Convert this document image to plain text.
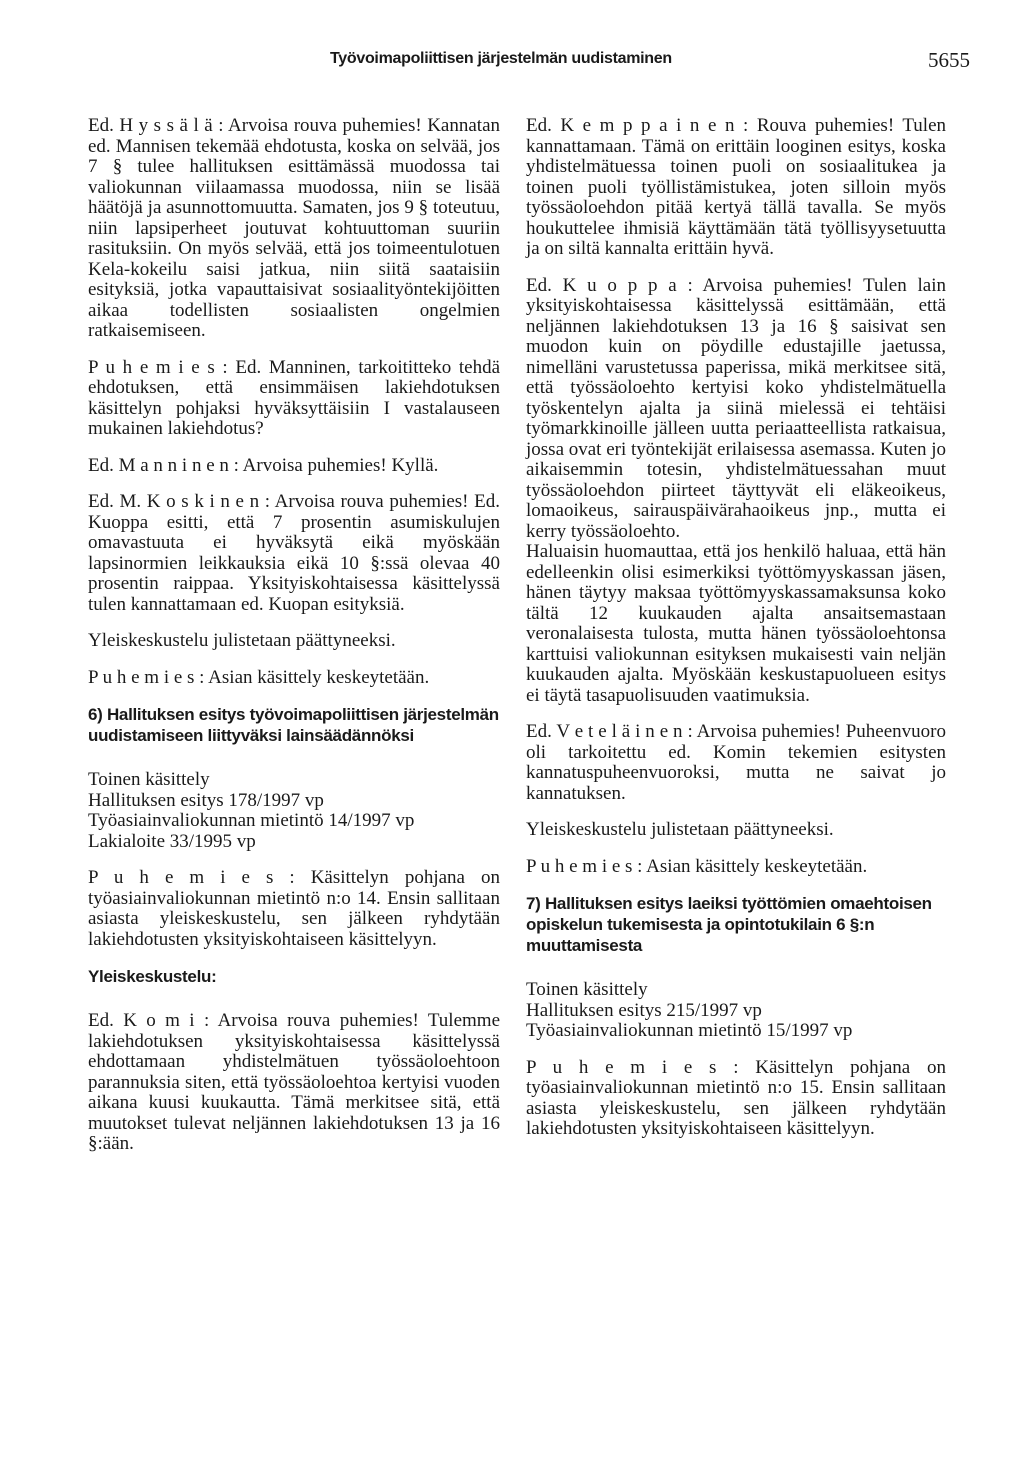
Työvoimapoliittisen järjestelmän uudistaminen	5655

Ed. H y s s ä l ä : Arvoisa rouva puhemies! Kannatan ed. Mannisen tekemää ehdotusta, koska on selvää, jos 7 § tulee hallituksen esittämässä muodossa tai valiokunnan viilaamassa muodossa, niin se lisää häätöjä ja asunnottomuutta. Samaten, jos 9 § toteutuu, niin lapsiperheet joutuvat kohtuuttoman suuriin rasituksiin. On myös selvää, että jos toimeentulotuen Kela-kokeilu saisi jatkua, niin siitä saataisiin esityksiä, jotka vapauttaisivat sosiaalityöntekijöitten aikaa todellisten sosiaalisten ongelmien ratkaisemiseen.

P u h e m i e s : Ed. Manninen, tarkoititteko tehdä ehdotuksen, että ensimmäisen lakiehdotuksen käsittelyn pohjaksi hyväksyttäisiin I vastalauseen mukainen lakiehdotus?

Ed. M a n n i n e n : Arvoisa puhemies! Kyllä.

Ed. M. K o s k i n e n : Arvoisa rouva puhemies! Ed. Kuoppa esitti, että 7 prosentin asumiskulujen omavastuuta ei hyväksytä eikä myöskään lapsinormien leikkauksia eikä 10 §:ssä olevaa 40 prosentin raippaa. Yksityiskohtaisessa käsittelyssä tulen kannattamaan ed. Kuopan esityksiä.

Yleiskeskustelu julistetaan päättyneeksi.

P u h e m i e s : Asian käsittely keskeytetään.

6) Hallituksen esitys työvoimapoliittisen järjestelmän uudistamiseen liittyväksi lainsäädännöksi

Toinen käsittely

Hallituksen esitys 178/1997 vp

Työasiainvaliokunnan mietintö 14/1997 vp

Lakialoite 33/1995 vp

P u h e m i e s : Käsittelyn pohjana on työasiainvaliokunnan mietintö n:o 14. Ensin sallitaan asiasta yleiskeskustelu, sen jälkeen ryhdytään lakiehdotusten yksityiskohtaiseen käsittelyyn.

Yleiskeskustelu:

Ed. K o m i : Arvoisa rouva puhemies! Tulemme lakiehdotuksen yksityiskohtaisessa käsittelyssä ehdottamaan yhdistelmätuen työssäoloehtoon parannuksia siten, että työssäoloehtoa kertyisi vuoden aikana kuusi kuukautta. Tämä merkitsee sitä, että muutokset tulevat neljännen lakiehdotuksen 13 ja 16 §:ään.

Ed. K e m p p a i n e n : Rouva puhemies! Tulen kannattamaan. Tämä on erittäin looginen esitys, koska yhdistelmätuessa toinen puoli on sosiaalitukea ja toinen puoli työllistämistukea, joten silloin myös työssäoloehdon pitää kertyä tällä tavalla. Se myös houkuttelee ihmisiä käyttämään tätä työllisyysetuutta ja on siltä kannalta erittäin hyvä.

Ed. K u o p p a : Arvoisa puhemies! Tulen lain yksityiskohtaisessa käsittelyssä esittämään, että neljännen lakiehdotuksen 13 ja 16 § saisivat sen muodon kuin on pöydille edustajille jaetussa, nimelläni varustetussa paperissa, mikä merkitsee sitä, että työssäoloehto kertyisi koko yhdistelmätuella työskentelyn ajalta ja siinä mielessä ei tehtäisi työmarkkinoille jälleen uutta periaatteellista ratkaisua, jossa ovat eri työntekijät erilaisessa asemassa. Kuten jo aikaisemmin totesin, yhdistelmätuessahan muut työssäoloehdon piirteet täyttyvät eli eläkeoikeus, lomaoikeus, sairauspäivärahaoikeus jnp., mutta ei kerry työssäoloehto.

Haluaisin huomauttaa, että jos henkilö haluaa, että hän edelleenkin olisi esimerkiksi työttömyyskassan jäsen, hänen täytyy maksaa työttömyyskassamaksunsa koko tältä 12 kuukauden ajalta ansaitsemastaan veronalaisesta tulosta, mutta hänen työssäoloehtonsa karttuisi valiokunnan esityksen mukaisesti vain neljän kuukauden ajalta. Myöskään keskustapuolueen esitys ei täytä tasapuolisuuden vaatimuksia.

Ed. V e t e l ä i n e n : Arvoisa puhemies! Puheenvuoro oli tarkoitettu ed. Komin tekemien esitysten kannatuspuheenvuoroksi, mutta ne saivat jo kannatuksen.

Yleiskeskustelu julistetaan päättyneeksi.

P u h e m i e s : Asian käsittely keskeytetään.

7) Hallituksen esitys laeiksi työttömien omaehtoisen opiskelun tukemisesta ja opintotukilain 6 §:n muuttamisesta

Toinen käsittely

Hallituksen esitys 215/1997 vp

Työasiainvaliokunnan mietintö 15/1997 vp

P u h e m i e s : Käsittelyn pohjana on työasiainvaliokunnan mietintö n:o 15. Ensin sallitaan asiasta yleiskeskustelu, sen jälkeen ryhdytään lakiehdotusten yksityiskohtaiseen käsittelyyn.
